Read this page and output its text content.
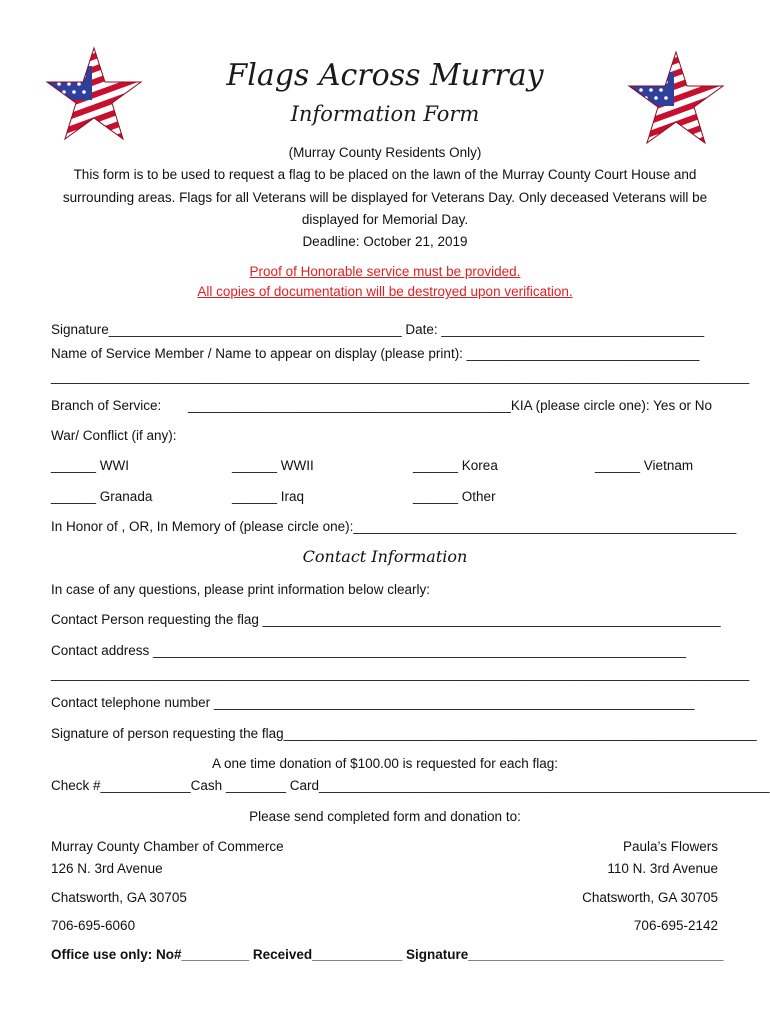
Flags Across Murray
Information Form
(Murray County Residents Only)
This form is to be used to request a flag to be placed on the lawn of the Murray County Court House and
surrounding areas. Flags for all Veterans will be displayed for Veterans Day. Only deceased Veterans will be
displayed for Memorial Day.
Deadline: October 21, 2019
Proof of Honorable service must be provided.
All copies of documentation will be destroyed upon verification.
Signature_______________________________________ Date: ___________________________________
Name of Service Member / Name to appear on display (please print): _______________________________
_____________________________________________________________________________________________
Branch of Service: ___________________________________________KIA (please circle one): Yes or No
War/ Conflict (if any):
______ WWI	______ WWII	______ Korea	______ Vietnam
______ Granada	______ Iraq	______ Other
In Honor of , OR, In Memory of (please circle one):___________________________________________________
Contact Information
In case of any questions, please print information below clearly:
Contact Person requesting the flag _____________________________________________________________
Contact address _______________________________________________________________________
_____________________________________________________________________________________________
Contact telephone number ________________________________________________________________
Signature of person requesting the flag_______________________________________________________________
A one time donation of $100.00 is requested for each flag:
Check #____________Cash ________ Card____________________________________________________________
Please send completed form and donation to:
Murray County Chamber of Commerce
126 N. 3rd Avenue
Chatsworth, GA 30705
706-695-6060
Paula’s Flowers
110 N. 3rd Avenue
Chatsworth, GA 30705
706-695-2142
Office use only: No#_________ Received____________ Signature__________________________________
